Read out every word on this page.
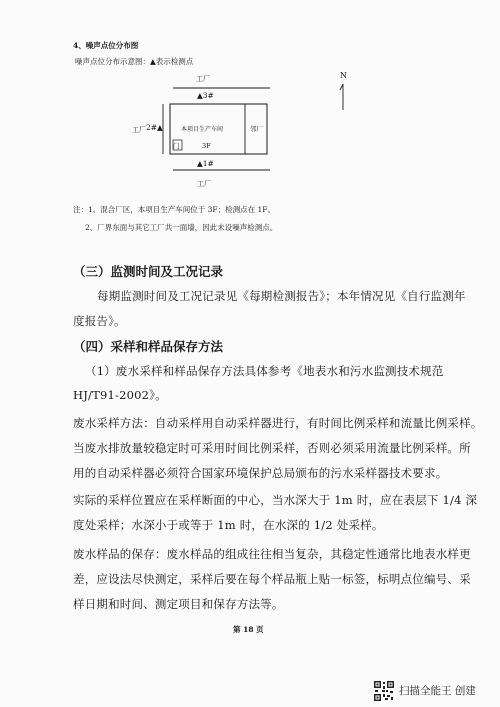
4、噪声点位分布图
噪声点位分布示意图：▲表示检测点
工厂
▲3#
本项目生产车间
3F
邻厂
门
工厂 2#▲
▲1#
工厂
N
注：1、混合厂区，本项目生产车间位于 3F；检测点在 1F。
2、厂界东面与其它工厂共一面墙，因此未设噪声检测点。
（三）监测时间及工况记录
每期监测时间及工况记录见《每期检测报告》；本年情况见《自行监测年
度报告》。
（四）采样和样品保存方法
（1）废水采样和样品保存方法具体参考《地表水和污水监测技术规范
HJ/T91-2002》。
废水采样方法：自动采样用自动采样器进行，有时间比例采样和流量比例采样。
当废水排放量较稳定时可采用时间比例采样，否则必须采用流量比例采样。所
用的自动采样器必须符合国家环境保护总局颁布的污水采样器技术要求。
实际的采样位置应在采样断面的中心，当水深大于 1m 时，应在表层下 1/4 深
度处采样；水深小于或等于 1m 时，在水深的 1/2 处采样。
废水样品的保存：废水样品的组成往往相当复杂，其稳定性通常比地表水样更
差，应设法尽快测定，采样后要在每个样品瓶上贴一标签，标明点位编号、采
样日期和时间、测定项目和保存方法等。
第 18 页
扫描全能王 创建
